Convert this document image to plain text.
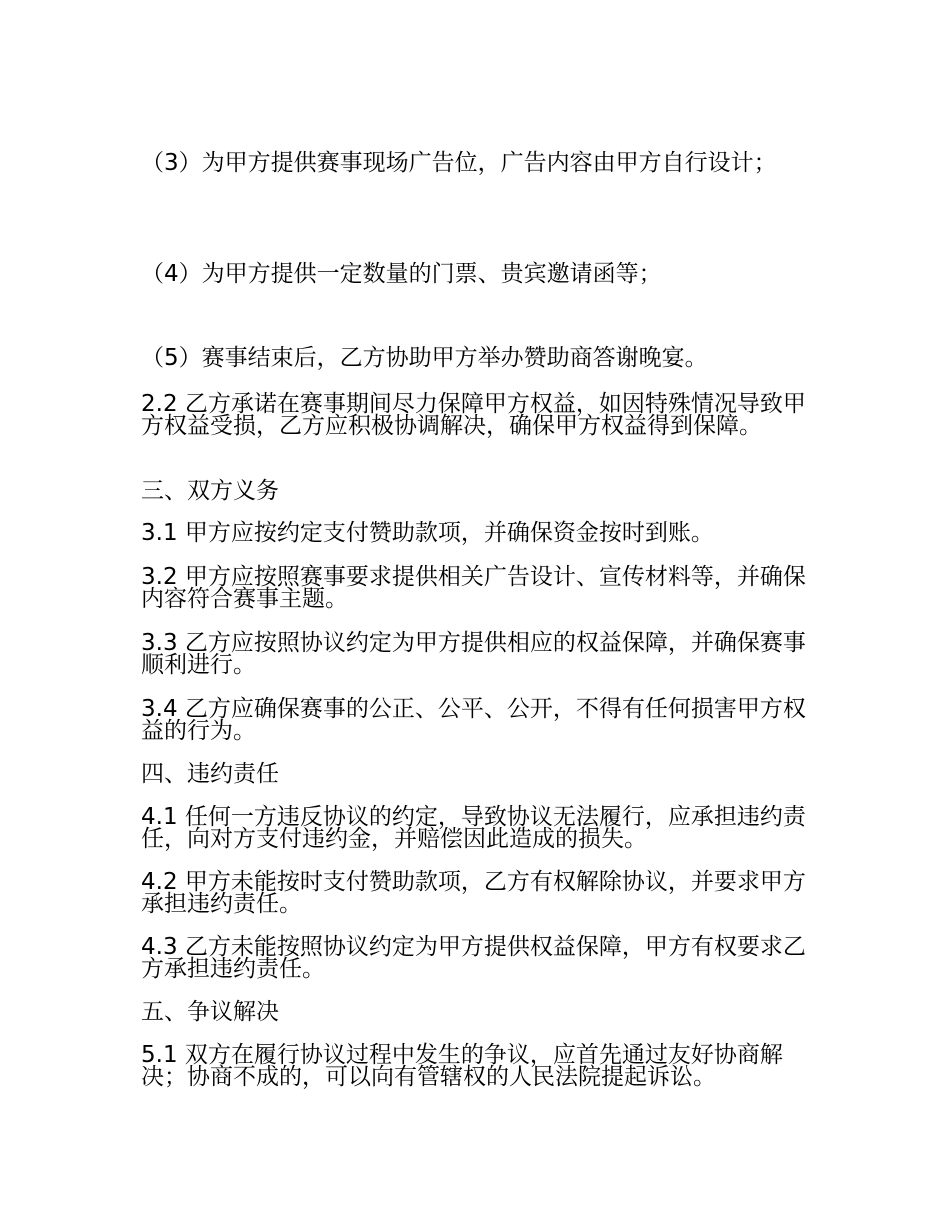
（3）为甲方提供赛事现场广告位，广告内容由甲方自行设计；

（4）为甲方提供一定数量的门票、贵宾邀请函等；

（5）赛事结束后，乙方协助甲方举办赞助商答谢晚宴。

2.2 乙方承诺在赛事期间尽力保障甲方权益，如因特殊情况导致甲方权益受损，乙方应积极协调解决，确保甲方权益得到保障。

三、双方义务

3.1 甲方应按约定支付赞助款项，并确保资金按时到账。

3.2 甲方应按照赛事要求提供相关广告设计、宣传材料等，并确保内容符合赛事主题。

3.3 乙方应按照协议约定为甲方提供相应的权益保障，并确保赛事顺利进行。

3.4 乙方应确保赛事的公正、公平、公开，不得有任何损害甲方权益的行为。

四、违约责任

4.1 任何一方违反协议的约定，导致协议无法履行，应承担违约责任，向对方支付违约金，并赔偿因此造成的损失。

4.2 甲方未能按时支付赞助款项，乙方有权解除协议，并要求甲方承担违约责任。

4.3 乙方未能按照协议约定为甲方提供权益保障，甲方有权要求乙方承担违约责任。

五、争议解决

5.1 双方在履行协议过程中发生的争议，应首先通过友好协商解决；协商不成的，可以向有管辖权的人民法院提起诉讼。
